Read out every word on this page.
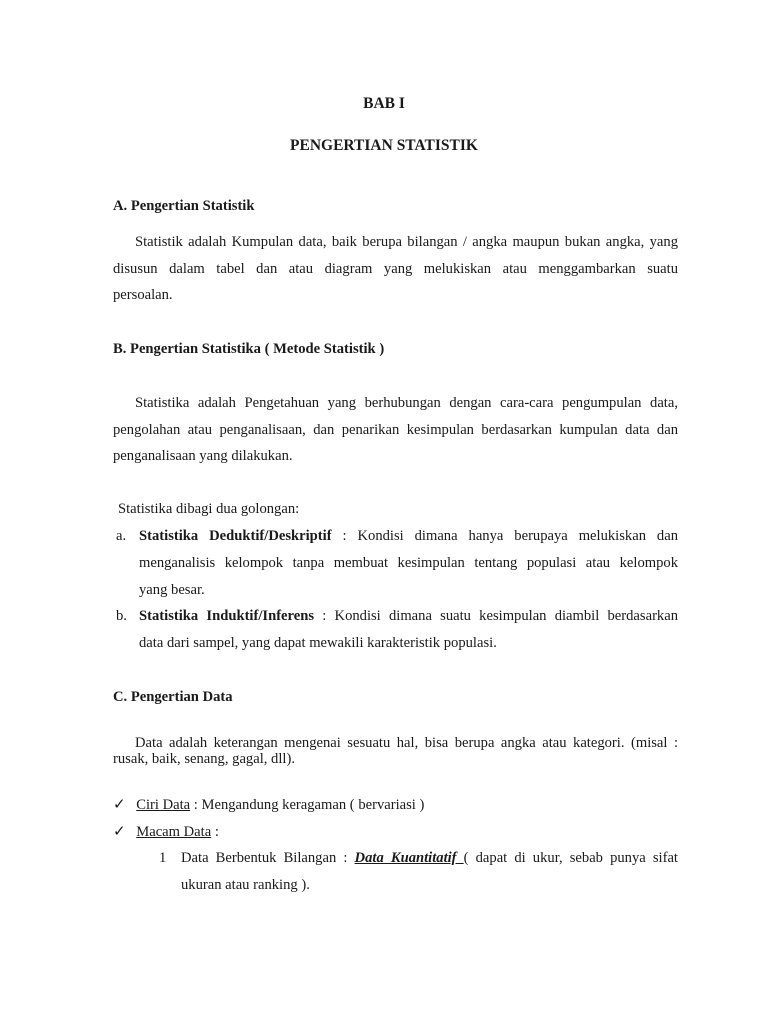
BAB I
PENGERTIAN STATISTIK
A. Pengertian Statistik
Statistik adalah Kumpulan data, baik berupa bilangan / angka maupun bukan angka, yang
disusun dalam tabel dan atau diagram yang melukiskan atau menggambarkan suatu
persoalan.
B. Pengertian Statistika ( Metode Statistik )
Statistika adalah Pengetahuan yang berhubungan dengan cara-cara pengumpulan data,
pengolahan atau penganalisaan, dan penarikan kesimpulan berdasarkan kumpulan data dan
penganalisaan yang dilakukan.
Statistika dibagi dua golongan:
a. Statistika Deduktif/Deskriptif : Kondisi dimana hanya berupaya melukiskan dan
menganalisis kelompok tanpa membuat kesimpulan tentang populasi atau kelompok
yang besar.
b. Statistika Induktif/Inferens : Kondisi dimana suatu kesimpulan diambil berdasarkan
data dari sampel, yang dapat mewakili karakteristik populasi.
C. Pengertian Data
Data adalah keterangan mengenai sesuatu hal, bisa berupa angka atau kategori. (misal :
rusak, baik, senang, gagal, dll).
✓ Ciri Data : Mengandung keragaman ( bervariasi )
✓ Macam Data :
1 Data Berbentuk Bilangan : Data Kuantitatif ( dapat di ukur, sebab punya sifat
ukuran atau ranking ).
